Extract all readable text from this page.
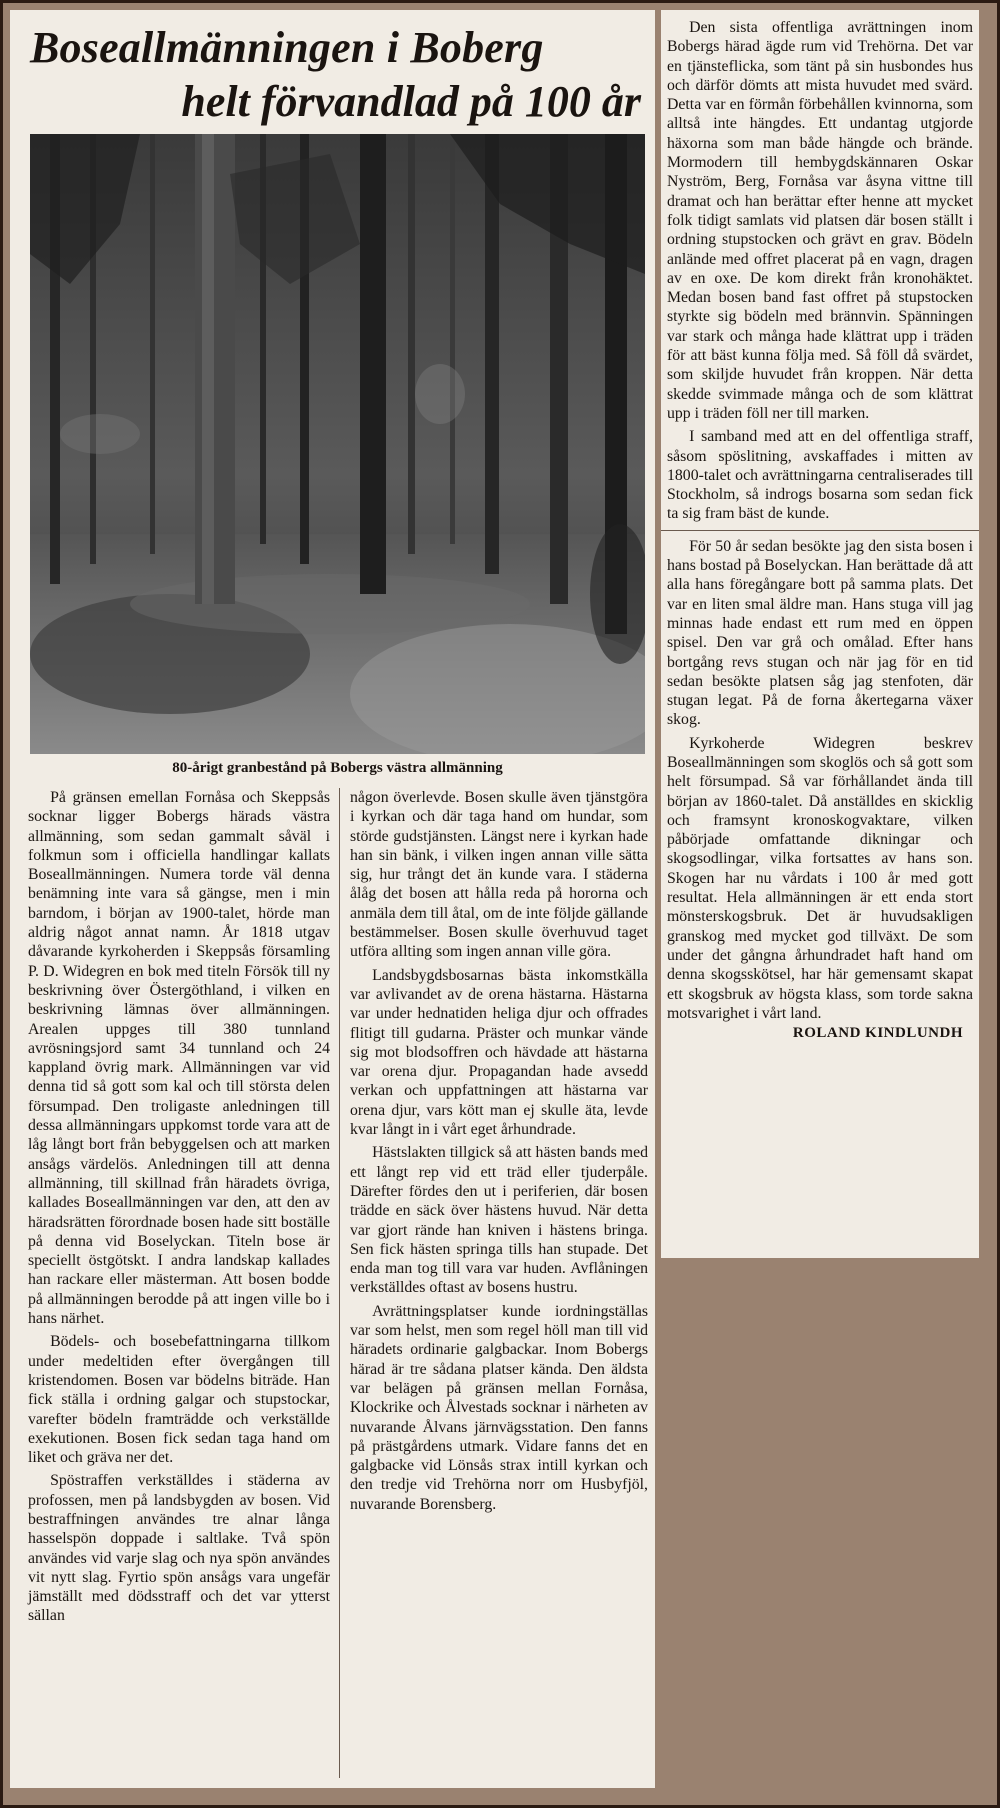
Boseallmänningen i Boberg
helt förvandlad på 100 år
80-årigt granbestånd på Bobergs västra allmänning

På gränsen emellan Fornåsa och Skeppsås socknar ligger Bobergs härads västra allmänning, som sedan gammalt såväl i folkmun som i officiella handlingar kallats Boseallmänningen. Numera torde väl denna benämning inte vara så gängse, men i min barndom, i början av 1900-talet, hörde man aldrig något annat namn. År 1818 utgav dåvarande kyrkoherden i Skeppsås församling P. D. Widegren en bok med titeln Försök till ny beskrivning över Östergöthland, i vilken en beskrivning lämnas över allmänningen. Arealen uppges till 380 tunnland avrösningsjord samt 34 tunnland och 24 kappland övrig mark. Allmänningen var vid denna tid så gott som kal och till största delen försumpad. Den troligaste anledningen till dessa allmänningars uppkomst torde vara att de låg långt bort från bebyggelsen och att marken ansågs värdelös. Anledningen till att denna allmänning, till skillnad från häradets övriga, kallades Boseallmänningen var den, att den av häradsrätten förordnade bosen hade sitt boställe på denna vid Boselyckan. Titeln bose är speciellt östgötskt. I andra landskap kallades han rackare eller mästerman. Att bosen bodde på allmänningen berodde på att ingen ville bo i hans närhet.

Bödels- och bosebefattningarna tillkom under medeltiden efter övergången till kristendomen. Bosen var bödelns biträde. Han fick ställa i ordning galgar och stupstockar, varefter bödeln framträdde och verkställde exekutionen. Bosen fick sedan taga hand om liket och gräva ner det.

Spöstraffen verkställdes i städerna av profossen, men på landsbygden av bosen. Vid bestraffningen användes tre alnar långa hasselspön doppade i saltlake. Två spön användes vid varje slag och nya spön användes vit nytt slag. Fyrtio spön ansågs vara ungefär jämställt med dödsstraff och det var ytterst sällan

någon överlevde. Bosen skulle även tjänstgöra i kyrkan och där taga hand om hundar, som störde gudstjänsten. Längst nere i kyrkan hade han sin bänk, i vilken ingen annan ville sätta sig, hur trångt det än kunde vara. I städerna ålåg det bosen att hålla reda på hororna och anmäla dem till åtal, om de inte följde gällande bestämmelser. Bosen skulle överhuvud taget utföra allting som ingen annan ville göra.

Landsbygdsbosarnas bästa inkomstkälla var avlivandet av de orena hästarna. Hästarna var under hednatiden heliga djur och offrades flitigt till gudarna. Präster och munkar vände sig mot blodsoffren och hävdade att hästarna var orena djur. Propagandan hade avsedd verkan och uppfattningen att hästarna var orena djur, vars kött man ej skulle äta, levde kvar långt in i vårt eget århundrade.

Hästslakten tillgick så att hästen bands med ett långt rep vid ett träd eller tjuderpåle. Därefter fördes den ut i periferien, där bosen trädde en säck över hästens huvud. När detta var gjort rände han kniven i hästens bringa. Sen fick hästen springa tills han stupade. Det enda man tog till vara var huden. Avflåningen verkställdes oftast av bosens hustru.

Avrättningsplatser kunde iordningställas var som helst, men som regel höll man till vid häradets ordinarie galgbackar. Inom Bobergs härad är tre sådana platser kända. Den äldsta var belägen på gränsen mellan Fornåsa, Klockrike och Ålvestads socknar i närheten av nuvarande Ålvans järnvägsstation. Den fanns på prästgårdens utmark. Vidare fanns det en galgbacke vid Lönsås strax intill kyrkan och den tredje vid Trehörna norr om Husbyfjöl, nuvarande Borensberg.

Den sista offentliga avrättningen inom Bobergs härad ägde rum vid Trehörna. Det var en tjänsteflicka, som tänt på sin husbondes hus och därför dömts att mista huvudet med svärd. Detta var en förmån förbehållen kvinnorna, som alltså inte hängdes. Ett undantag utgjorde häxorna som man både hängde och brände. Mormodern till hembygdskännaren Oskar Nyström, Berg, Fornåsa var åsyna vittne till dramat och han berättar efter henne att mycket folk tidigt samlats vid platsen där bosen ställt i ordning stupstocken och grävt en grav. Bödeln anlände med offret placerat på en vagn, dragen av en oxe. De kom direkt från kronohäktet. Medan bosen band fast offret på stupstocken styrkte sig bödeln med brännvin. Spänningen var stark och många hade klättrat upp i träden för att bäst kunna följa med. Så föll då svärdet, som skiljde huvudet från kroppen. När detta skedde svimmade många och de som klättrat upp i träden föll ner till marken.

I samband med att en del offentliga straff, såsom spöslitning, avskaffades i mitten av 1800-talet och avrättningarna centraliserades till Stockholm, så indrogs bosarna som sedan fick ta sig fram bäst de kunde.

För 50 år sedan besökte jag den sista bosen i hans bostad på Boselyckan. Han berättade då att alla hans föregångare bott på samma plats. Det var en liten smal äldre man. Hans stuga vill jag minnas hade endast ett rum med en öppen spisel. Den var grå och omålad. Efter hans bortgång revs stugan och när jag för en tid sedan besökte platsen såg jag stenfoten, där stugan legat. På de forna åkertegarna växer skog.

Kyrkoherde Widegren beskrev Boseallmänningen som skoglös och så gott som helt försumpad. Så var förhållandet ända till början av 1860-talet. Då anställdes en skicklig och framsynt kronoskogvaktare, vilken påbörjade omfattande dikningar och skogsodlingar, vilka fortsattes av hans son. Skogen har nu vårdats i 100 år med gott resultat. Hela allmänningen är ett enda stort mönsterskogsbruk. Det är huvudsakligen granskog med mycket god tillväxt. De som under det gångna århundradet haft hand om denna skogsskötsel, har här gemensamt skapat ett skogsbruk av högsta klass, som torde sakna motsvarighet i vårt land.

ROLAND KINDLUNDH
